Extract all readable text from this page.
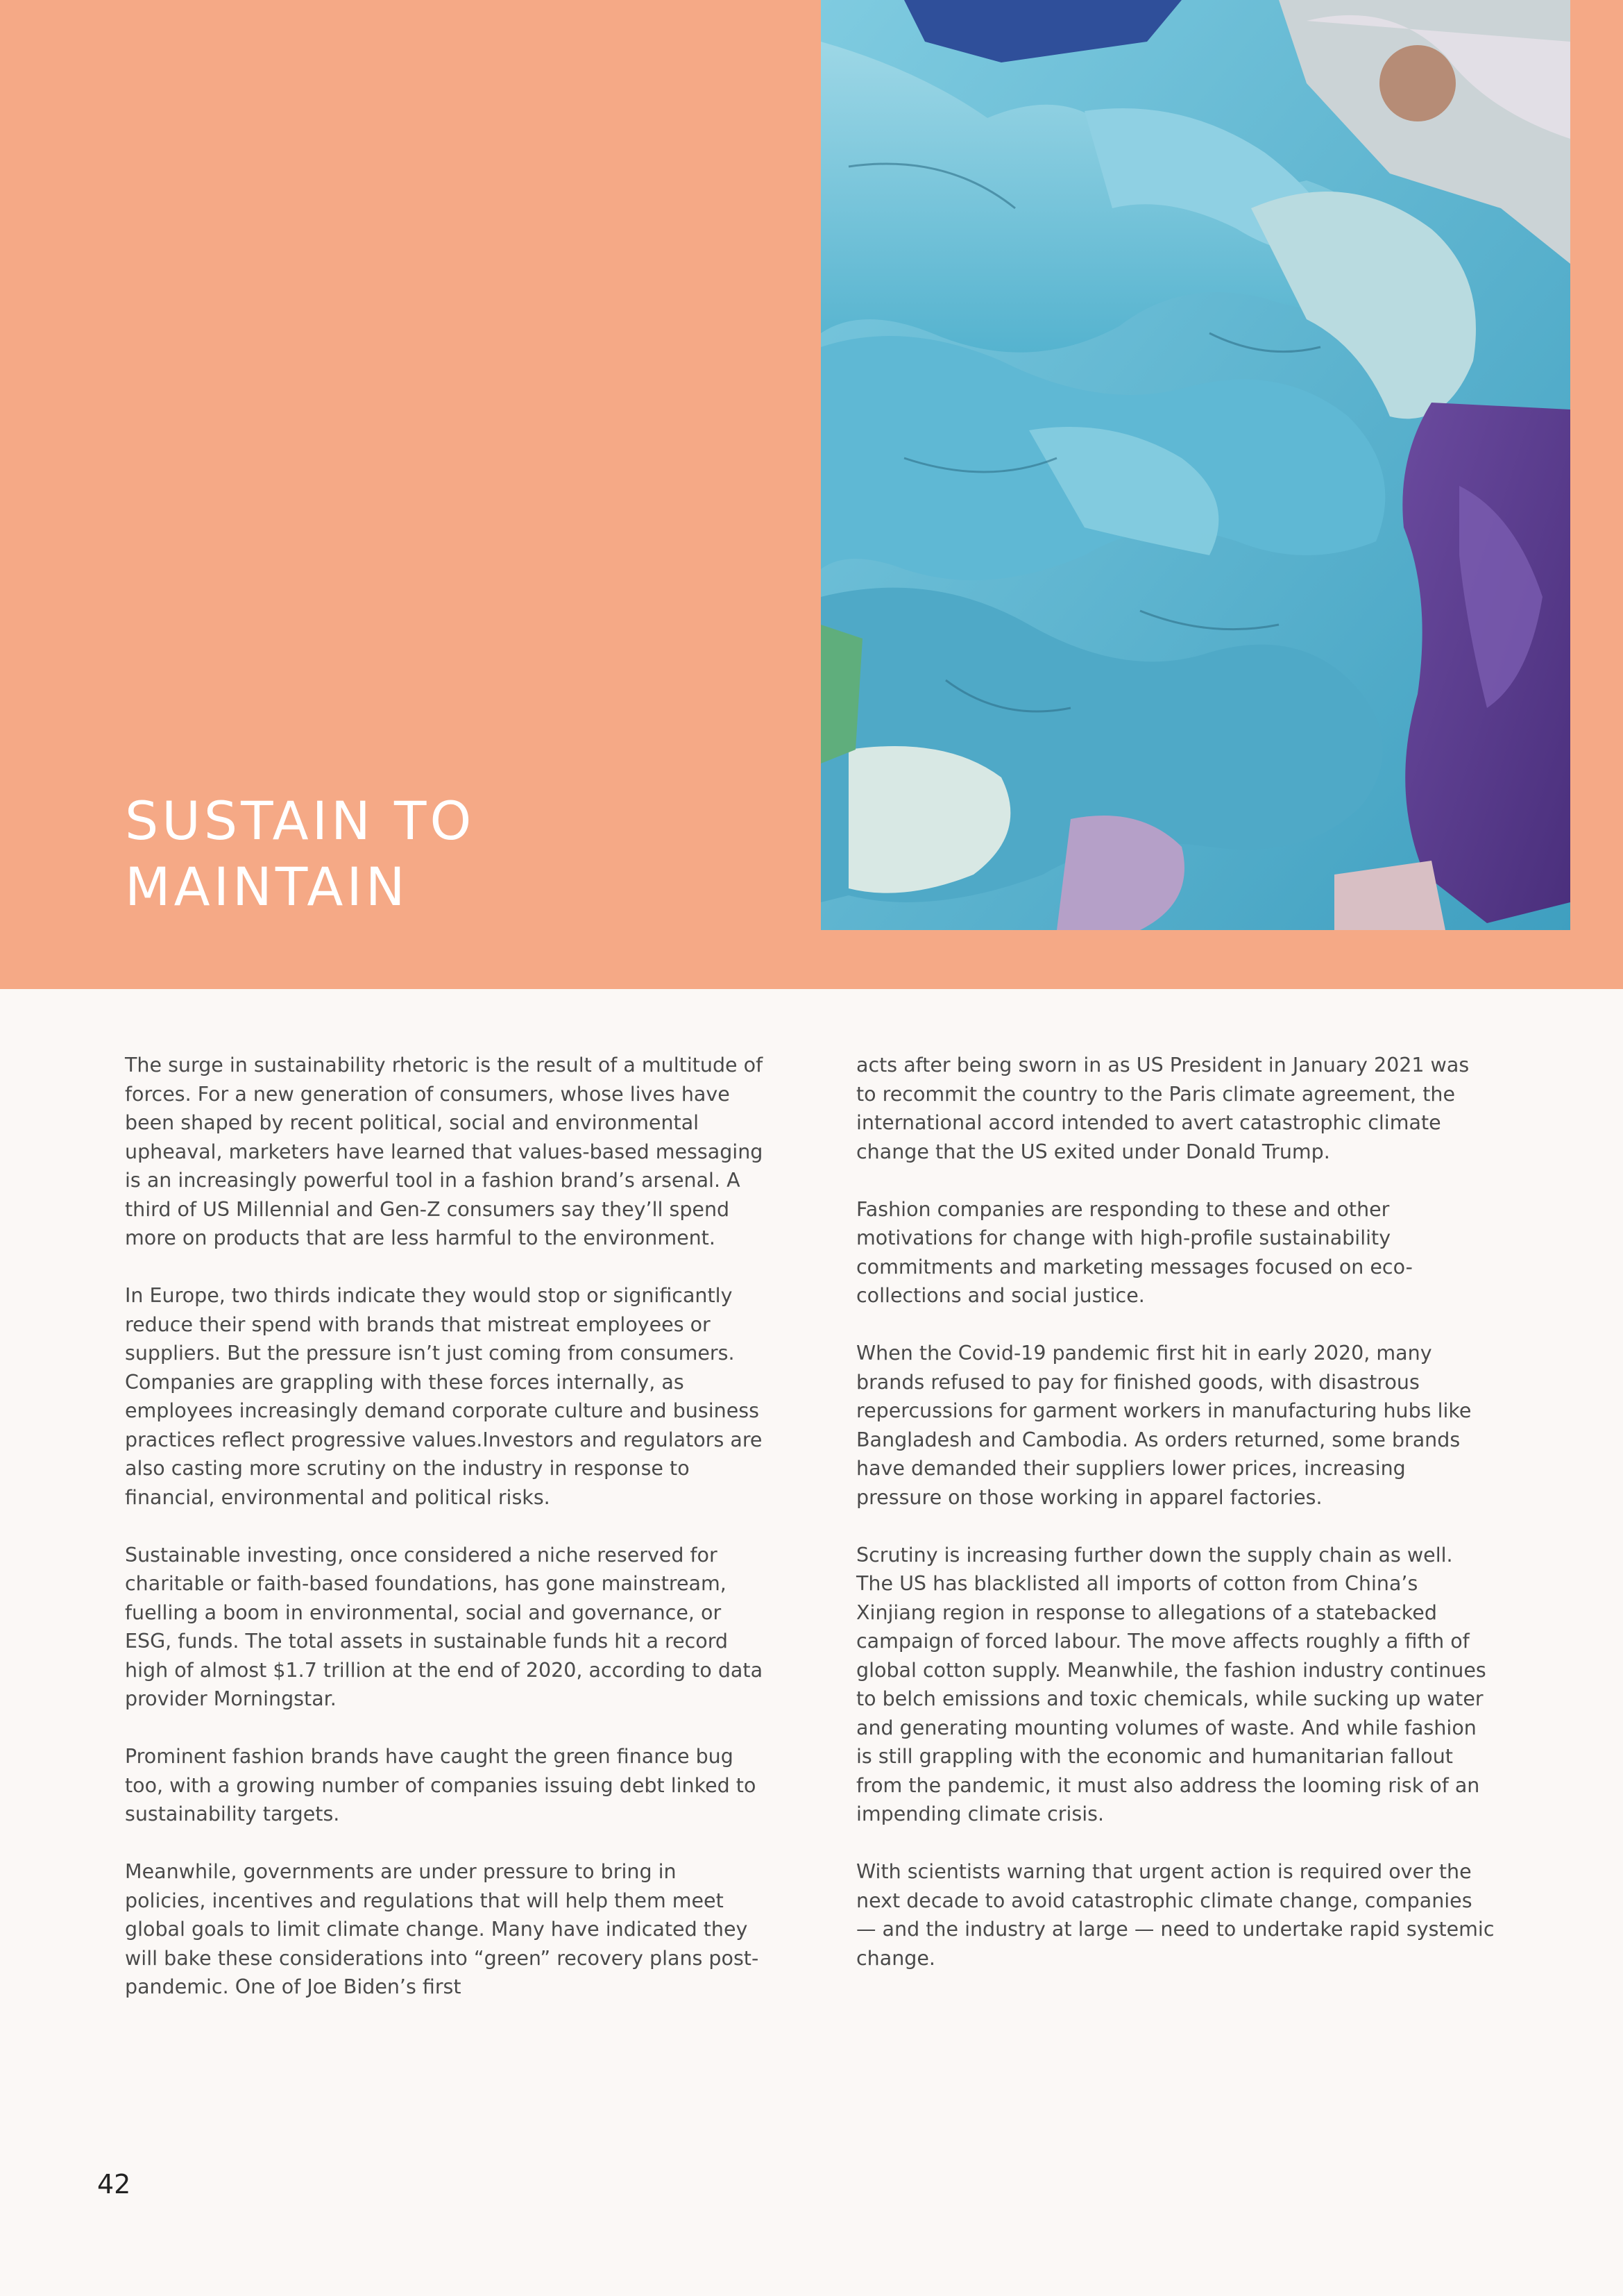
SUSTAIN TO
MAINTAIN

The surge in sustainability rhetoric is the result of a multitude of forces. For a new generation of consumers, whose lives have been shaped by recent political, social and environmental upheaval, marketers have learned that values-based messaging is an increasingly powerful tool in a fashion brand’s arsenal. A third of US Millennial and Gen-Z consumers say they’ll spend more on products that are less harmful to the environment.

In Europe, two thirds indicate they would stop or significantly reduce their spend with brands that mistreat employees or suppliers. But the pressure isn’t just coming from consumers. Companies are grappling with these forces internally, as employees increasingly demand corporate culture and business practices reflect progressive values.Investors and regulators are also casting more scrutiny on the industry in response to financial, environmental and political risks.

Sustainable investing, once considered a niche reserved for charitable or faith-based foundations, has gone mainstream, fuelling a boom in environmental, social and governance, or ESG, funds. The total assets in sustainable funds hit a record high of almost $1.7 trillion at the end of 2020, according to data provider Morningstar.

Prominent fashion brands have caught the green finance bug too, with a growing number of companies issuing debt linked to sustainability targets.

Meanwhile, governments are under pressure to bring in policies, incentives and regulations that will help them meet global goals to limit climate change. Many have indicated they will bake these considerations into “green” recovery plans post-pandemic. One of Joe Biden’s first

acts after being sworn in as US President in January 2021 was to recommit the country to the Paris climate agreement, the international accord intended to avert catastrophic climate change that the US exited under Donald Trump.

Fashion companies are responding to these and other motivations for change with high-profile sustainability commitments and marketing messages focused on eco-collections and social justice.

When the Covid-19 pandemic first hit in early 2020, many brands refused to pay for finished goods, with disastrous repercussions for garment workers in manufacturing hubs like Bangladesh and Cambodia. As orders returned, some brands have demanded their suppliers lower prices, increasing pressure on those working in apparel factories.

Scrutiny is increasing further down the supply chain as well. The US has blacklisted all imports of cotton from China’s Xinjiang region in response to allegations of a statebacked campaign of forced labour. The move affects roughly a fifth of global cotton supply. Meanwhile, the fashion industry continues to belch emissions and toxic chemicals, while sucking up water and generating mounting volumes of waste. And while fashion is still grappling with the economic and humanitarian fallout from the pandemic, it must also address the looming risk of an impending climate crisis.

With scientists warning that urgent action is required over the next decade to avoid catastrophic climate change, companies — and the industry at large — need to undertake rapid systemic change.

42
